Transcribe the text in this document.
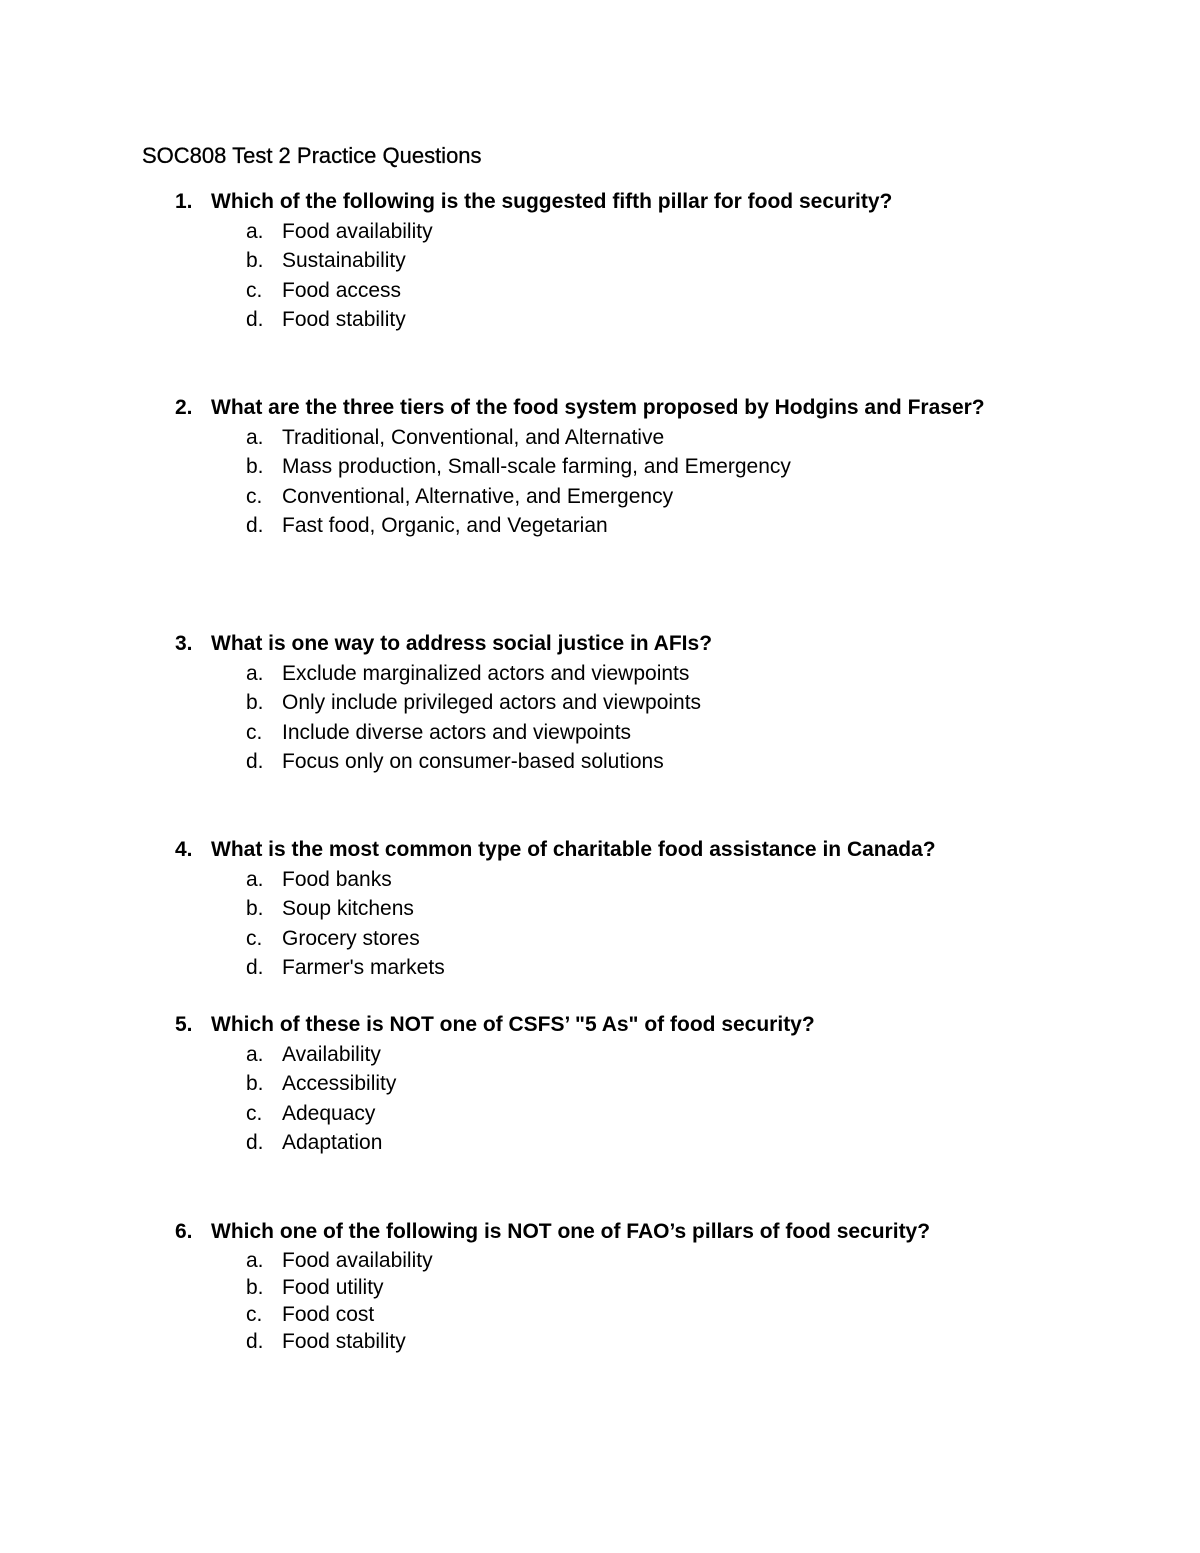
SOC808 Test 2 Practice Questions
1. Which of the following is the suggested fifth pillar for food security?
a. Food availability
b. Sustainability
c. Food access
d. Food stability
2. What are the three tiers of the food system proposed by Hodgins and Fraser?
a. Traditional, Conventional, and Alternative
b. Mass production, Small-scale farming, and Emergency
c. Conventional, Alternative, and Emergency
d. Fast food, Organic, and Vegetarian
3. What is one way to address social justice in AFIs?
a. Exclude marginalized actors and viewpoints
b. Only include privileged actors and viewpoints
c. Include diverse actors and viewpoints
d. Focus only on consumer-based solutions
4. What is the most common type of charitable food assistance in Canada?
a. Food banks
b. Soup kitchens
c. Grocery stores
d. Farmer's markets
5. Which of these is NOT one of CSFS’ "5 As" of food security?
a. Availability
b. Accessibility
c. Adequacy
d. Adaptation
6. Which one of the following is NOT one of FAO’s pillars of food security?
a. Food availability
b. Food utility
c. Food cost
d. Food stability
